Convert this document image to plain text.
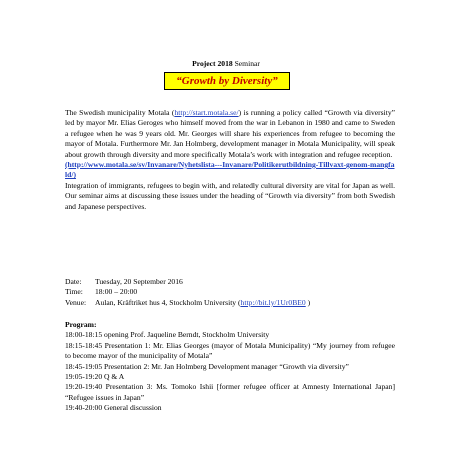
Project 2018 Seminar
“Growth by Diversity”
The Swedish municipality Motala (http://start.motala.se/) is running a policy called “Growth via diversity” led by mayor Mr. Elias Geroges who himself moved from the war in Lebanon in 1980 and came to Sweden a refugee when he was 9 years old. Mr. Georges will share his experiences from refugee to becoming the mayor of Motala. Furthermore Mr. Jan Holmberg, development manager in Motala Municipality, will speak about growth through diversity and more specifically Motala’s work with integration and refugee reception.
(http://www.motala.se/sv/Invanare/Nyhetslista---Invanare/Politikerutbildning-Tillvaxt-genom-mangfald/)
Integration of immigrants, refugees to begin with, and relatedly cultural diversity are vital for Japan as well. Our seminar aims at discussing these issues under the heading of “Growth via diversity” from both Swedish and Japanese perspectives.
Date: Tuesday, 20 September 2016
Time: 18:00 – 20:00
Venue: Aulan, Kräftriket hus 4, Stockholm University (http://bit.ly/1Ur0BE0 )
Program:
18:00-18:15 opening Prof. Jaqueline Berndt, Stockholm University
18:15-18:45 Presentation 1: Mr. Elias Georges (mayor of Motala Municipality) “My journey from refugee to become mayor of the municipality of Motala”
18:45-19:05 Presentation 2: Mr. Jan Holmberg Development manager “Growth via diversity”
19:05-19:20 Q & A
19:20-19:40 Presentation 3: Ms. Tomoko Ishii [former refugee officer at Amnesty International Japan] “Refugee issues in Japan”
19:40-20:00 General discussion
